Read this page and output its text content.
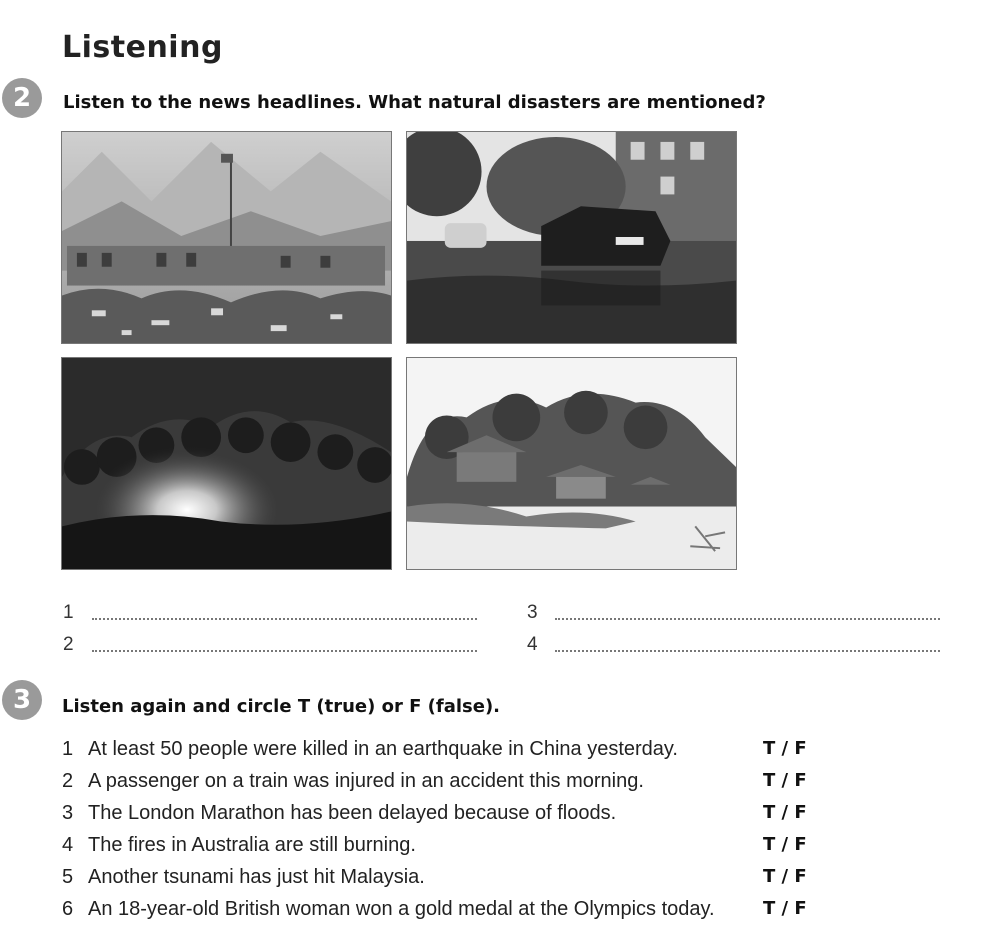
Listening
2	Listen to the news headlines. What natural disasters are mentioned?
1
2
3
4
3	Listen again and circle T (true) or F (false).
1 At least 50 people were killed in an earthquake in China yesterday.	T / F
2 A passenger on a train was injured in an accident this morning.	T / F
3 The London Marathon has been delayed because of floods.	T / F
4 The fires in Australia are still burning.	T / F
5 Another tsunami has just hit Malaysia.	T / F
6 An 18-year-old British woman won a gold medal at the Olympics today.	T / F
